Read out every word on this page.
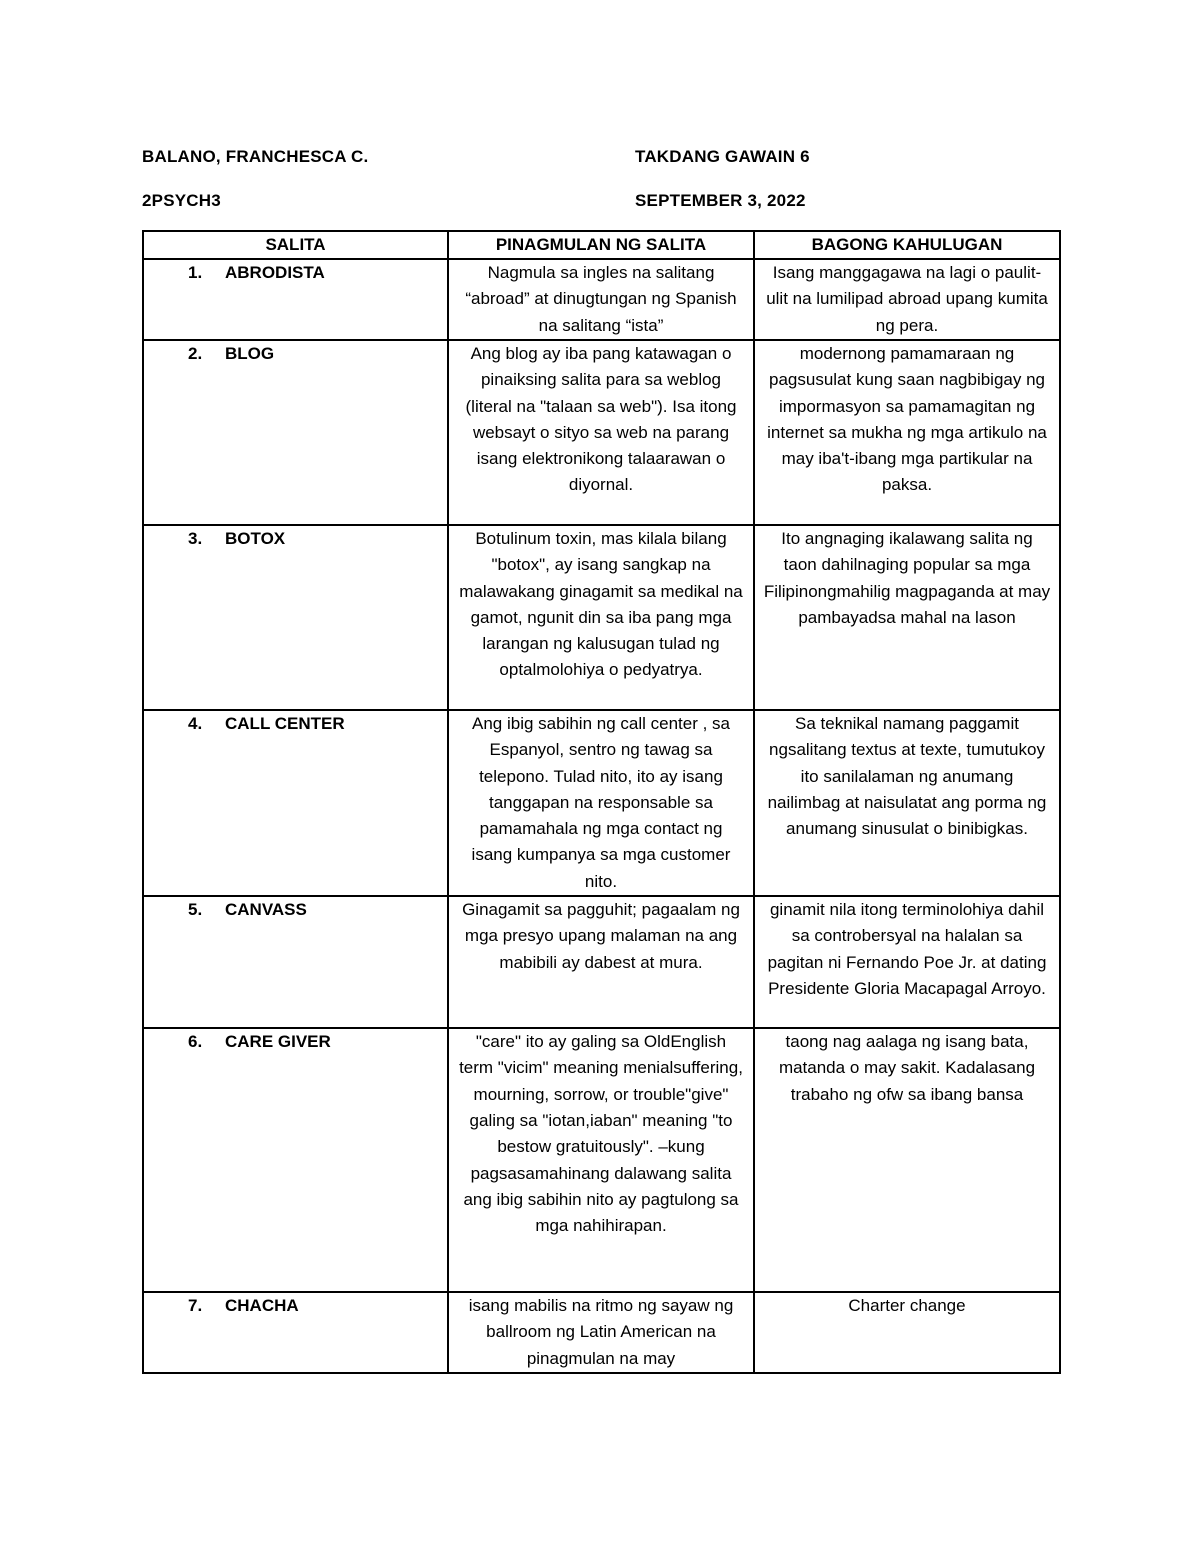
BALANO, FRANCHESCA C.	TAKDANG GAWAIN 6
2PSYCH3	SEPTEMBER 3, 2022
SALITA	PINAGMULAN NG SALITA	BAGONG KAHULUGAN
1. ABRODISTA	Nagmula sa ingles na salitang “abroad” at dinugtungan ng Spanish na salitang “ista”	Isang manggagawa na lagi o paulit-ulit na lumilipad abroad upang kumita ng pera.
2. BLOG	Ang blog ay iba pang katawagan o pinaiksing salita para sa weblog (literal na "talaan sa web"). Isa itong websayt o sityo sa web na parang isang elektronikong talaarawan o diyornal.	modernong pamamaraan ng pagsusulat kung saan nagbibigay ng impormasyon sa pamamagitan ng internet sa mukha ng mga artikulo na may iba't-ibang mga partikular na paksa.
3. BOTOX	Botulinum toxin, mas kilala bilang "botox", ay isang sangkap na malawakang ginagamit sa medikal na gamot, ngunit din sa iba pang mga larangan ng kalusugan tulad ng optalmolohiya o pedyatrya.	Ito angnaging ikalawang salita ng taon dahilnaging popular sa mga Filipinongmahilig magpaganda at may pambayadsa mahal na lason
4. CALL CENTER	Ang ibig sabihin ng call center , sa Espanyol, sentro ng tawag sa telepono. Tulad nito, ito ay isang tanggapan na responsable sa pamamahala ng mga contact ng isang kumpanya sa mga customer nito.	Sa teknikal namang paggamit ngsalitang textus at texte, tumutukoy ito sanilalaman ng anumang nailimbag at naisulatat ang porma ng anumang sinusulat o binibigkas.
5. CANVASS	Ginagamit sa pagguhit; pagaalam ng mga presyo upang malaman na ang mabibili ay dabest at mura.	ginamit nila itong terminolohiya dahil sa controbersyal na halalan sa pagitan ni Fernando Poe Jr. at dating Presidente Gloria Macapagal Arroyo.
6. CARE GIVER	"care" ito ay galing sa OldEnglish term "vicim" meaning menialsuffering, mourning, sorrow, or trouble"give" galing sa "iotan,iaban" meaning "to bestow gratuitously". –kung pagsasamahinang dalawang salita ang ibig sabihin nito ay pagtulong sa mga nahihirapan.	taong nag aalaga ng isang bata, matanda o may sakit. Kadalasang trabaho ng ofw sa ibang bansa
7. CHACHA	isang mabilis na ritmo ng sayaw ng ballroom ng Latin American na pinagmulan na may	Charter change
